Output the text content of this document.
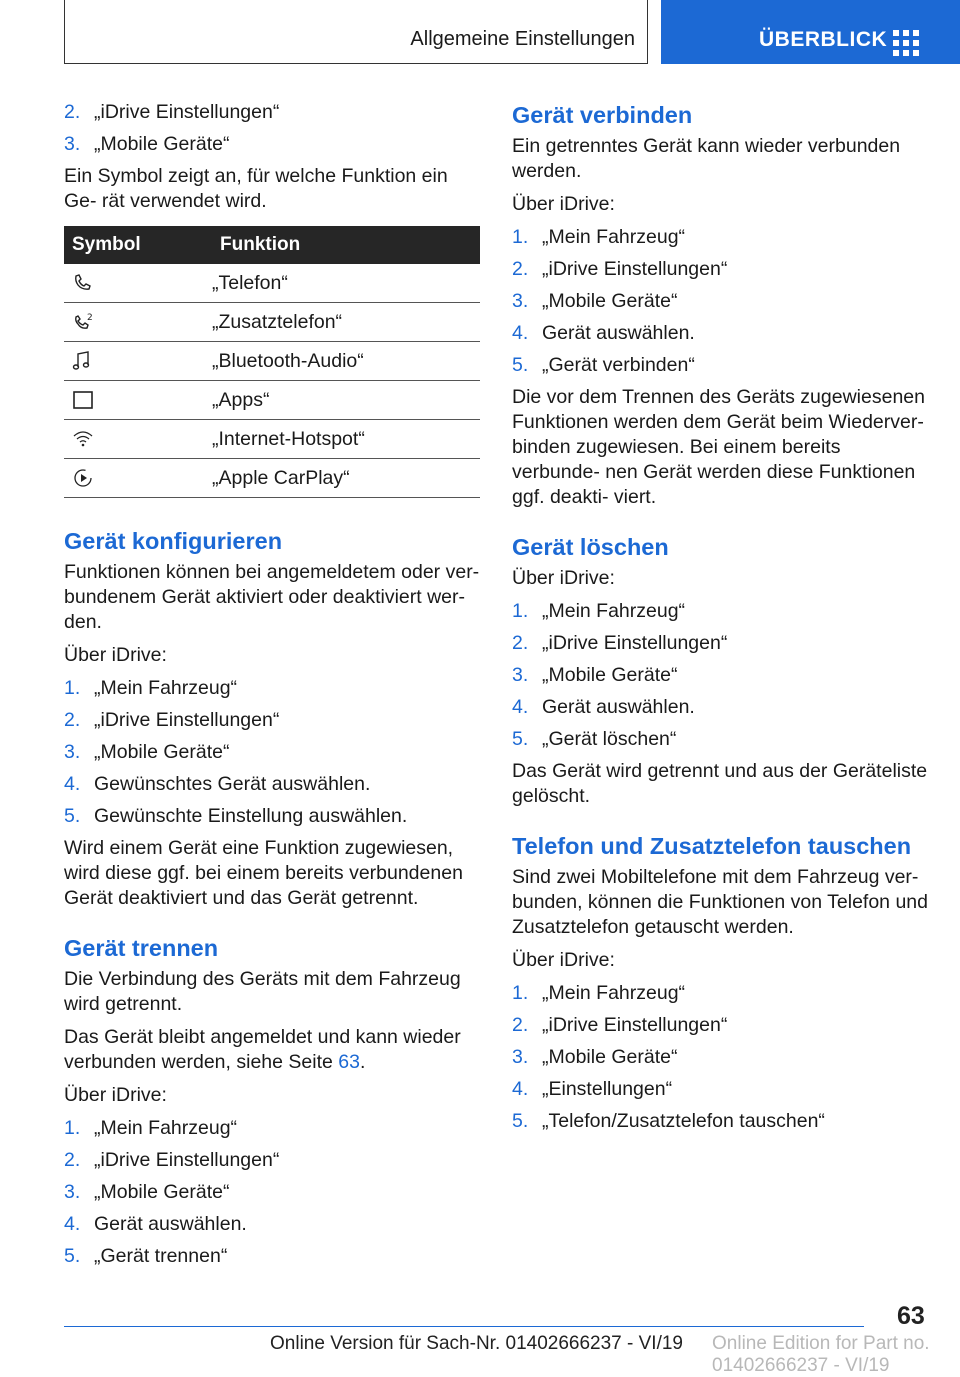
Allgemeine Einstellungen	ÜBERBLICK
2. „iDrive Einstellungen“
3. „Mobile Geräte“

Ein Symbol zeigt an, für welche Funktion ein Ge‐ rät verwendet wird.

Symbol	Funktion

	„Telefon“

2	„Zusatztelefon“

	„Bluetooth-Audio“

	„Apps“

	„Internet-Hotspot“

	„Apple CarPlay“
Gerät konfigurieren

Funktionen können bei angemeldetem oder ver‐ bundenem Gerät aktiviert oder deaktiviert wer‐ den.

Über iDrive:

1. „Mein Fahrzeug“
2. „iDrive Einstellungen“
3. „Mobile Geräte“
4. Gewünschtes Gerät auswählen.
5. Gewünschte Einstellung auswählen.

Wird einem Gerät eine Funktion zugewiesen, wird diese ggf. bei einem bereits verbundenen Gerät deaktiviert und das Gerät getrennt.

Gerät trennen

Die Verbindung des Geräts mit dem Fahrzeug wird getrennt.

Das Gerät bleibt angemeldet und kann wieder verbunden werden, siehe Seite 63.

Über iDrive:

1. „Mein Fahrzeug“
2. „iDrive Einstellungen“
3. „Mobile Geräte“
4. Gerät auswählen.
5. „Gerät trennen“
Gerät verbinden

Ein getrenntes Gerät kann wieder verbunden werden.

Über iDrive:

1. „Mein Fahrzeug“
2. „iDrive Einstellungen“
3. „Mobile Geräte“
4. Gerät auswählen.
5. „Gerät verbinden“

Die vor dem Trennen des Geräts zugewiesenen Funktionen werden dem Gerät beim Wiederver‐ binden zugewiesen. Bei einem bereits verbunde‐ nen Gerät werden diese Funktionen ggf. deakti‐ viert.

Gerät löschen

Über iDrive:

1. „Mein Fahrzeug“
2. „iDrive Einstellungen“
3. „Mobile Geräte“
4. Gerät auswählen.
5. „Gerät löschen“

Das Gerät wird getrennt und aus der Geräteliste gelöscht.

Telefon und Zusatztelefon tauschen

Sind zwei Mobiltelefone mit dem Fahrzeug ver‐ bunden, können die Funktionen von Telefon und Zusatztelefon getauscht werden.

Über iDrive:

1. „Mein Fahrzeug“
2. „iDrive Einstellungen“
3. „Mobile Geräte“
4. „Einstellungen“
5. „Telefon/Zusatztelefon tauschen“
63
Online Edition for Part no. 01402666237 - VI/19
Online Version für Sach-Nr. 01402666237 - VI/19
